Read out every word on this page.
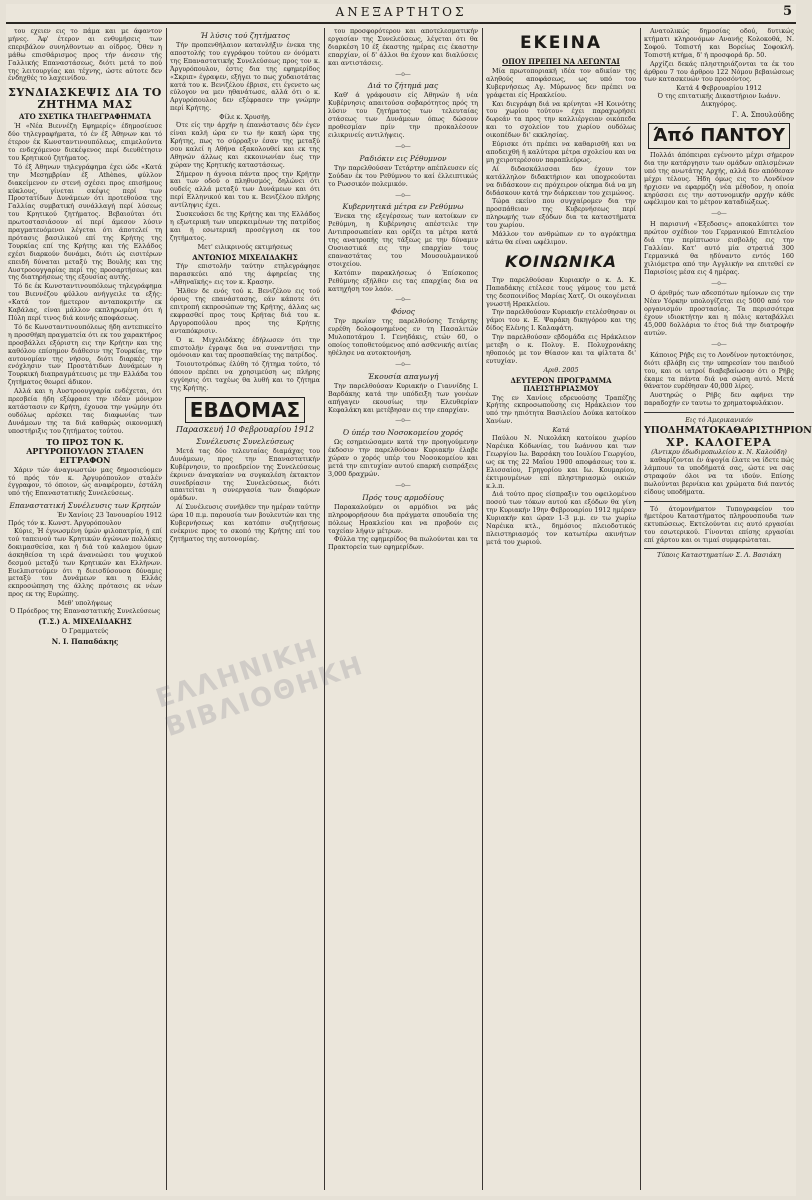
ΑΝΕΞΑΡΤΗΤΟΣ	5

του εχειεν εις το πάμα και με άφαντον μήνες. Άφ' έτερον αι ενθυμήσεις των επεριβάλον συνηλθοντων αι οίδρος. Όθεν η μάθω επισθάρισμος προς τήν άνεσιν τής Γαλλικής Επαναστάσεως, διότι μετά το πού της λειτουργίας και τέχνης, ώστε αύτοτε δεν ένδηχθές το λαχεινίδου.

ΣΥΝΔΙΑΣΚΕΨΙΣ ΔΙΑ ΤΟ ΖΗΤΗΜΑ ΜΑΣ
ΑΤΟ ΣΧΕΤΙΚΑ ΤΗΛΕΓΡΑΦΗΜΑΤΑ

Ή «Νέα Βιεννέζη Εφημερίς» έδημοσίευσε δύο τηλεγραφήματα, τό έν έξ Άθηνων και τό έτερον έκ Κωνσταντινουπόλεως, επιμελούντα το ενδεχόμενον διεκέψενος περί διευθέτησιν του Κρητικού ζητήματος.

Τό έξ Άθηνων τηλεγράφημα έχει ώδε «Κατά την Μεσημβρίαν έξ Athènes, φύλλον διακείμενον εν στενή σχέσει προς επισήμους κύκλους, γίνεται σκέψις περί των Προστατίδων Δυνάμεων ότι προτεθούσα της Γαλλίας συμβατική συνάλλαγή περί λύσεως του Κρητικού ζητήματος. Βεβαιούται ότι πρωτοστασιάσουν αί περί άμεσον λύσιν πραγματευόμενοι λέγεται ότι άποτελεί τη πρότασις βασιλικού επί της Κρήτης της Τουρκίας επί της Κρήτης και τής Ελλάδος εχέσι διαρκούν δυνάμει, διότι ώς εισιτέρων επειδή δύναται μεταξύ της Βουλής και της Αυστροουγγαρίας περί της προσαρτήσεως και της διατηρήσεως της εξουσίας αυτής.

Τό δε έκ Κωνσταντινουπόλεως τηλεγράφημα του Βιεννέζου φύλλου ανήγγειλε τα εξής: «Κατά τον ήμετερον ανταποκριτήν εκ Καβάλας, είναι μάλλον εκπληρωμένη ότι ή Πύλη περί τινος διά κοινής αποφάσεως.

Τό δε Κωνσταντινουπόλεως ήδη αντεπικείτο η προσθήκη πραγματεία ότι εκ του χαρακτήρος προσβάλλει εξόριστη εις την Κρήτην και της καθόλου επίσημον διάθεσιν της Τουρκίας, την αυτονομίαν της νήσου, διότι διαρκές την ενόχλησιν των Προστάτιδων Δυνάμεων η Τουρκική διαπραγμάτευσις με την Ελλάδα του ζητήματος θεωρεί άδικον.

Αλλά και η Αυστροουγγαρία ενδέχεται, ότι πρεσβεία ήδη εξέφρασε την ιδέαν μόνιμον κατάστασιν εν Κρήτη, έχουσα την γνώμην ότι ουδόλως αρέσκει τας διαφωνίας των Δυνάμεων της τα διά καθαρώς οικονομική υποστήριξις του ζητήματος τούτου.

ΤΟ ΠΡΟΣ ΤΟΝ Κ. ΑΡΓΥΡΟΠΟΥΛΟΝ ΣΤΑΛΕΝ ΕΓΓΡΑΦΟΝ

Χάριν τών άναγνωστών μας δημοσιεύομεν τό πρός τόν κ. Άργυρόπουλον σταλέν έγγραφον, τό όποιον, ώς αναφέρομεν, έστάλη υπό τής Επαναστατικής Συνελεύσεως.

Επαναστατική Συνέλευσις των Κρητών
Έν Χανίοις 23 Ίανουαρίου 1912
Πρός τόν κ. Κωνστ. Άργυρόπουλον

Κύριε, Ή έγνωσμένη ύμών φιλοπατρία, ή επί τού ταπεινού των Κρητικών άγώνων πολλάκις δοκιμασθείσα, και ή διά τού καλαμου ύμων άσκηθείσα τη ιερά άνανεώσει του ψυχικού δεσμού μεταξύ των Κρητικών και Ελλήνων. Ευελπιστούμεν ότι η διεισδύσουσα δύναμις μεταξύ του Δυνάμεων και η Ελλάς εκπροσώπηση της άλλης πρότασις εκ νέων προς εκ της Ευρώπης.

Μεθ' υπολήψεως
Ό Πρόεδρος της Επαναστατικής Συνελεύσεως
(Τ.Σ.) Α. ΜΙΧΕΛΙΔΑΚΗΣ
Ό Γραμματεύς
Ν. Ι. Παπαδάκης
Ή λύσις τού ζητήματος

Τήν προπενθήλαιον κατανλήξιν ένεκα της αποστολής του εγγράφου τούτου εν όνόματι της Επαναστατικής Συνελεύσεως προς τον κ. Άργυρόπουλον, έστις δια της εφημερίδος «Σκριπ» έγραψεν, εξήγει το πως χυδαιοτάτας κατά του κ. Βενιζέλου έβρισε, ετι έγενετο ως εύλογον να μεν ηθανάτωσε, αλλά ότι ο κ. Αργυρόπουλος δεν εξέφρασεν την γνώμην περί Κρήτης.

Φίλε κ. Χρυσήη.

Ότε είς την άρχήν η έπανάστασις δέν έγεν είναι καλή ώρα εν τω ήν κακή ώρα της Κρήτης, πως το σύρραξιν έσαν της μεταξύ σου καλεί η Αθήνα εξακολουθεί και εκ της Αθηνών άλλως και εκκοινωνίαν έως την χώραν της Κρητικής καταστάσεως.

Σήμερον η άγνοια πάντα προς την Κρήτην και των οδού ο πληθυσμός, δηλώνει ότι ουδείς αλλά μεταξύ των Δυνάμεων και ότι περί Ελληνικού και του κ. Βενιζέλου πλήρης αντίληψις έχει.

Συσκευάσει δε της Κρήτης και της Ελλάδος η εξωτερική των υπερκειμένων της πατρίδος και ή εσωτερική προσέγγιση εκ του ζητήματος.

Μετ' ειλικρινούς εκτιμήσεως
ΑΝΤΩΝΙΟΣ ΜΙΧΕΛΙΔΑΚΗΣ

Τήν επιστολήν ταύτην ετηλεγράφησε παρασκεύει από της άφηρείας της «Αθηναϊκής» εις τον κ. Κρασην.

Ήλθεν δε ενός τού κ. Βενιζέλου εις τού όρους της επανάστασης, εάν κάποτε ότι επιτροπή εκπροσώπων της Κρήτης, άλλας ως εκφρασθεί προς τους Κρήτας διά του κ. Αργυροπούλου προς της Κρήτης ανταπόκρισιν.

Ό κ. Μιχελιδάκης έδήλωσεν ότι την επιστολήν έγραψε δια να συναντήσει την ομόνοιαν και τας προσπαθείας της πατρίδος.

Τοιουτοτρόπως έλύθη τό ζήτημα τούτο, τό όποιον πρέπει να χρησιμεύση ως πλήρης εγγύησις ότι ταχέως θα λυθή και το ζήτημα της Κρήτης.

ΕΒΔΟΜΑΣ
Παρασκευή 10 Φεβρουαρίου 1912
Συνέλευσις Συνελεύσεως

Μετά τας δύο τελευταίας διαμάχας του Δυνάμεων, προς την Επαναστατικήν Κυβέρνησιν, το προεδρείον της Συνελεύσεως έκρινεν άναγκαίαν να συγκαλέση έκτακτον συνεδρίασιν της Συνελεύσεως, διότι απαιτείται η συνεργασία των διαφόρων ομάδων.

Αί Συνέλευσις συνήλθεν την ημέραν ταύτην ώρα 10 π.μ. παρουσία των βουλευτών και της Κυβερνήσεως και κατόπιν συζητήσεως ενέκρινε προς το σκοπό της Κρήτης επί του ζητήματος της αυτονομίας.

του προσφορότερου και αποτελεσματικήν εργασίαν της Συνελεύσεως, λέγεται ότι θα διαρκέση 10 έξ έκαστης ημέρας εις έκαστην επαρχίαν, οί δ' άλλοι θα έχουν και διαλύσεις και αντιστάσεις.

—o—
Διά το ζήτημά μας

Καθ' ά γράφουσιν είς Άθηνών ή νέα Κυβέρνησις απαιτούσα σοβαρότητος πρός τη λύσιν του ζητήματος των τελευταίας στάσεως των Δυνάμεων όπως δώσουν προθεσμίαν πρίν την προκαλέσουν ειλικρινείς αντιλήψεις.

—o—
Ραδιόκιν εις Ρέθυμνον

Την παρελθούσαν Τετάρτην απέπλευσεν είς Σούδαν έκ του Ρεθύμνου το καί έλλειπτικώς το Ρωσσικόν πολεμικόν.

—o—
Κυβερνητικά μέτρα εν Ρεθύμνω

Ένεκα της εξεγέρσεως των κατοίκων εν Ρεθύμνη, η Κυβέρνησις απέστειλε την Αντιπροσωπείαν και ορίζει τα μέτρα κατά της ανατροπής της τάξεως με την δύναμιν Ουσιαστικά εις την επαρχίαν τους επαναστάτας του Μουσουλμανικού στοιχείου.

Κατόπιν παρακλήσεως ό Έπίσκοπος Ρεθύμνης εξήλθεν εις τας επαρχίας δια να κατηχήση τον λαόν.

—o—
Φόνος

Την πρωίαν της παρελθούσης Τετάρτης ευρέθη δολοφονημένος εν τη Πασαλιτών Μυλοποτάμου Ι. Γενηδάκις, ετών 60, ο οποίος τοποθετούμενος από ασθενικής αιτίας ηθέλησε να αυτοκτονήση.

—o—
Έκουσία απαγωγή

Την παρελθούσαν Κυριακήν ο Γιαννίδης Ι. Βαρδάκης κατά την υπόδειξη των γονέων απήγαγεν εκουσίως την Ελευθερίαν Κεφαλάκη και μετέβησαν εις την επαρχίαν.

—o—
Ό ύπέρ του Νοσοκομείου χορός

Ως εσημειώσαμεν κατά την προηγούμενην έκδοσιν την παρελθούσαν Κυριακήν έλαβε χώραν ο χορός υπέρ του Νοσοκομείου και μετά την επιτυχίαν αυτού επαρκή εισπράξεις 3,000 δραχμών.

—o—
Πρός τους αρμοδίους

Παρακαλούμεν οι αρμόδιοι να μάς πληροφορήσουν δια πράγματα σπουδαία της πόλεως Ηρακλείου και να προβούν εις ταχείαν λήψιν μέτρων.

Φύλλα της εφημερίδος θα πωλούνται και τα Πρακτορεία των εφημερίδων.

ΕΚΕΙΝΑ
ΟΠΟΥ ΠΡΕΠΕΙ ΝΑ ΛΕΓΩΝΤΑΙ

Μία πρωτοποριακή ιδέα τον αδικίαν της αληθούς αποφάσεως, ως υπό του Κυβερνήσεως Αγ. Μύρωνος δεν πρέπει να γράφεται είς Ηρακλείου.

Και διεγράφη διά να κρίνηται «Η Κοινότης του χωρίου τούτου» έχει παραχωρήσει δωρεάν τα προς την καλλιέργειαν οικόπεδα και το σχολείον του χωρίου ουδόλως οικοπέδων δι' εκκλησίας.

Εύρισκε ότι πρέπει να καθαρισθή και να αποδειχθή ή καλύτερα μέτρα σχολείου και να μη χειροτερέσουν παραπλεύρως.

Αί διδασκάλισσαι δεν έχουν τον κατάλληλον διδακτήριον και υποχρεούνται να διδάσκουν εις πρόχειρον οίκημα διά να μη διδάσκουν κατά την διάρκειαν του χειμώνος.

Τώρα εκείνο που συγχαίρομεν δια την προσπάθειαν της Κυβερνήσεως περί πληρωμής των εξόδων δια τα καταστήματα του χωρίου.

Μάλλον τον ανθρώπων εν το αγρόκτημα κάτω θα είναι ωφέλιμον.

ΚΟΙΝΩΝΙΚΑ

Την παρελθούσαν Κυριακήν ο κ. Δ. Κ. Παπαδάκης ετέλεσε τους γάμους του μετά της δεσποινίδος Μαρίας Χατζ. Οι οικογένειαι γνωστή Ηρακλείου.

Την παρελθούσαν Κυριακήν ετελέσθησαν οι γάμοι του κ. Ε. Ψαράκη δικηγόρου και της δίδος Ελένης Ι. Καλαφάτη.

Την παρελθούσαν εβδομάδα εις Ηράκλειον μετεβη ο κ. Πολυγ. Ε. Πολυχρονάκης ηθοποιός με τον Θίασον και τα φίλτατα δι' ευτυχίαν.

Αριθ. 2005
ΔΕΥΤΕΡΟΝ ΠΡΟΓΡΑΜΜΑ ΠΛΕΙΣΤΗΡΙΑΣΜΟΥ

Της εν Χανίοις εδρευούσης Τραπέζης Κρήτης εκπροσωπούσης εις Ηράκλειον του υπό την ηπιότητα Βασιλείου Δούκα κατοίκου Χανίων.

Κατά

Παύλου Ν. Νικολάκη κατοίκου χωρίου Ναρέικα Κόδωνίας, του Ιωάννου και των Γεωργίου Ιω. Βαρσάκη του Ιουλίου Γεωργίου, ως εκ της 22 Μαΐου 1900 αποφάσεως του κ. Ελισσαίου, Γρηγορίου και Ιω. Κουμαρίου, έκτιμουμένων επί πληστηριασμώ οικιών κ.λ.π.

Διά τούτο προς είσπραξιν του οφειλομένου ποσού των τόκων αυτού και εξόδων θα γίνη την Κυριακήν 19ην Φεβρουαρίου 1912 ημέραν Κυριακήν και ώραν 1-3 μ.μ. εν τω χωρίω Ναρέικα κτλ., δημόσιος πλειοδοτικός πλειστηριασμός τον κατωτέρω ακινήτων μετά του χωριού.

Ανατολικώς δημοσίας οδού, δυτικώς κτήματι κληρονόμων Ανανής Κολοκοθά, Ν. Σοφού. Τοπιστή και Βορείως Σοφοκλή. Τοπιστή κτήμα, δ' ή προσφορά δρ. 50.

Αρχίζει δεκάς πληστηριάζονται τα έκ του άρθρου 7 του άρθρου 122 Νόμου βεβαιώσεως των κατασκευών του προσόντος.

Κατά 4 Φεβρουαρίου 1912
Ό της επιτατικής Δικαστήριον Ιωάνν. Δικηγόρος.
Γ. Α. Σπουλούδης
Άπό ΠΑΝΤΟΥ

Πολλάι άπόπειραι εγένοντο μέχρι σήμερον δια την κατάργησιν των ομάδων οπλισμένων υπό της ανωτάτης Αρχής, αλλά δεν απόθεσαν μέχρι τέλους. Ήδη όμως εις το Λονδίνον ήρχισεν να εφαρμόζη νέα μέθοδον, η οποία κηρύσσει εις την αστυνομικήν αρχήν κάθε ωφέλιμον και το μέτρον καταδιώξεως.

—o—

Η παρισινή «Έξεδοσις» αποκαλύπτει τον πρώτον σχέδιον του Γερμανικού Επιτελείου διά την περίπτωσιν εισβολής εις την Γαλλίαν. Κατ' αυτό μία στρατιά 300 Γερμανικά θα ηδύναντο εντός 160 χιλιόμετρα από την Αγγλικήν να επιτεθεί εν Παρισίοις μέσα εις 4 ημέρας.

—o—

Ο άριθμός των αδεσπότων ημίονων εις την Νέαν Υόρκην υπολογίζεται εις 5000 από τον οργανισμόν προστασίας. Τα περισσότερα έχουν ιδιοκτήτην και η πόλις καταβάλλει 45,000 δολλάρια το έτος διά την διατροφήν αυτών.

—o—

Κάποιος Ρήβς εις το Λονδίνον ηυτοκτόνησε, διότι εβλάβη εις την υπηρεσίαν του παιδιού του, και οι ιατροί διαβεβαίωσαν ότι ο Ρήβς έκαμε τα πάντα διά να σώση αυτό. Μετά θάνατον ευρέθησαν 40,000 λίρες.

Αυστηρώς ο Ρήβς δεν αφήνει την παραδοχήν εν ταυτω το χρηματοφυλάκιον.

Εις τό Άμερικανικόν
ΥΠΟΔΗΜΑΤΟΚΑΘΑΡΙΣΤΗΡΙΟΝ
ΧΡ. ΚΑΛΟΓΕΡΑ
(Άντικρυ έδωδιμοπωλείου κ. Ν. Καλούδη)

καθαρίζονται έν άψογία έλατε να ίδετε πώς λάμπουν τα υποδήματά σας, ώστε να σας στραφούν όλοι να τα ιδούν. Επίσης πωλούνται βερνίκια και χρώματα διά παντός είδους υποδήματα.

Τό άτομονήματον Τυπογραφείον του ήμετέρου Καταστήματος πληρουσπουδα των εκτυπώσεως. Εκτελούνται εις αυτό εργασίαι του εσωτερικού. Γίνονται επίσης εργασίαι επί χάρτου και οι τιμαί συμφερώταται.

Τύποις Καταστηματίων Σ. Λ. Βασιάκη
ΕΛΛΗΝΙΚΗ ΒΙΒΛΙΟΘΗΚΗ
